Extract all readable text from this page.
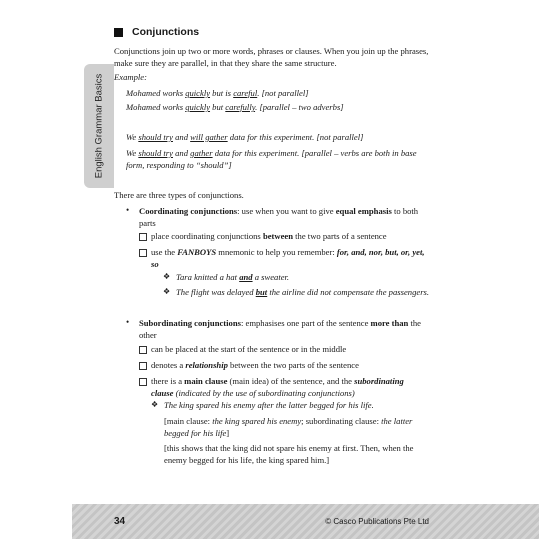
English Grammar Basics
Conjunctions
Conjunctions join up two or more words, phrases or clauses. When you join up the phrases,
make sure they are parallel, in that they share the same structure.
Example:
Mohamed works quickly but is careful. [not parallel]
Mohamed works quickly but carefully. [parallel – two adverbs]
We should try and will gather data for this experiment. [not parallel]
We should try and gather data for this experiment. [parallel – verbs are both in base
form, responding to “should”]
There are three types of conjunctions.
• Coordinating conjunctions: use when you want to give equal emphasis to both
parts
place coordinating conjunctions between the two parts of a sentence
use the FANBOYS mnemonic to help you remember: for, and, nor, but, or, yet,
so
❖ Tara knitted a hat and a sweater.
❖ The flight was delayed but the airline did not compensate the passengers.
• Subordinating conjunctions: emphasises one part of the sentence more than the
other
can be placed at the start of the sentence or in the middle
denotes a relationship between the two parts of the sentence
there is a main clause (main idea) of the sentence, and the subordinating
clause (indicated by the use of subordinating conjunctions)
❖ The king spared his enemy after the latter begged for his life.
[main clause: the king spared his enemy; subordinating clause: the latter
begged for his life]
[this shows that the king did not spare his enemy at first. Then, when the
enemy begged for his life, the king spared him.]
34	© Casco Publications Pte Ltd
